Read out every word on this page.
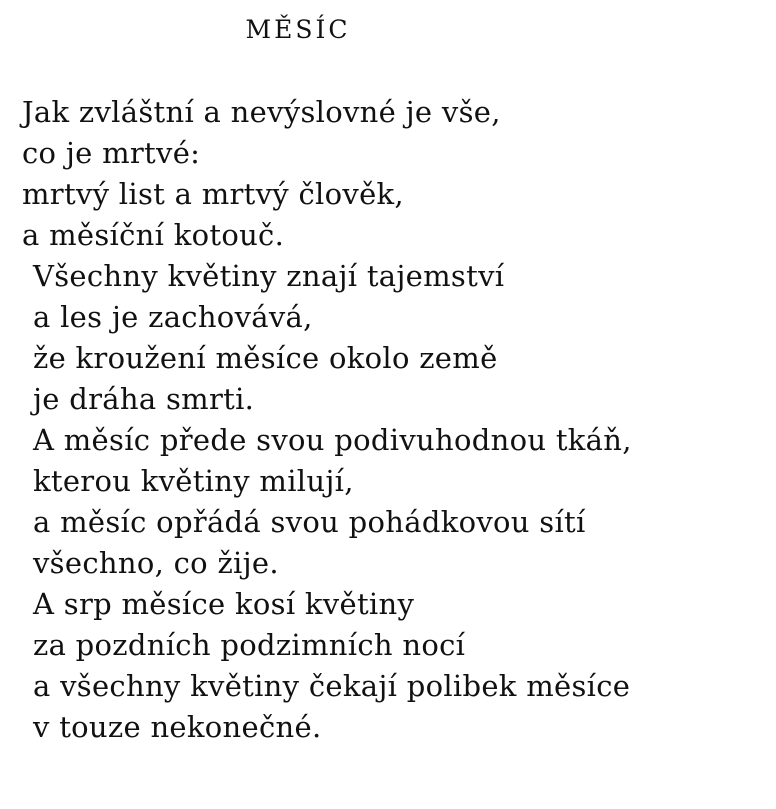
MĚSÍC
Jak zvláštní a nevýslovné je vše,
co je mrtvé:
mrtvý list a mrtvý člověk,
a měsíční kotouč.
Všechny květiny znají tajemství
a les je zachovává,
že kroužení měsíce okolo země
je dráha smrti.
A měsíc přede svou podivuhodnou tkáň,
kterou květiny milují,
a měsíc opřádá svou pohádkovou sítí
všechno, co žije.
A srp měsíce kosí květiny
za pozdních podzimních nocí
a všechny květiny čekají polibek měsíce
v touze nekonečné.
